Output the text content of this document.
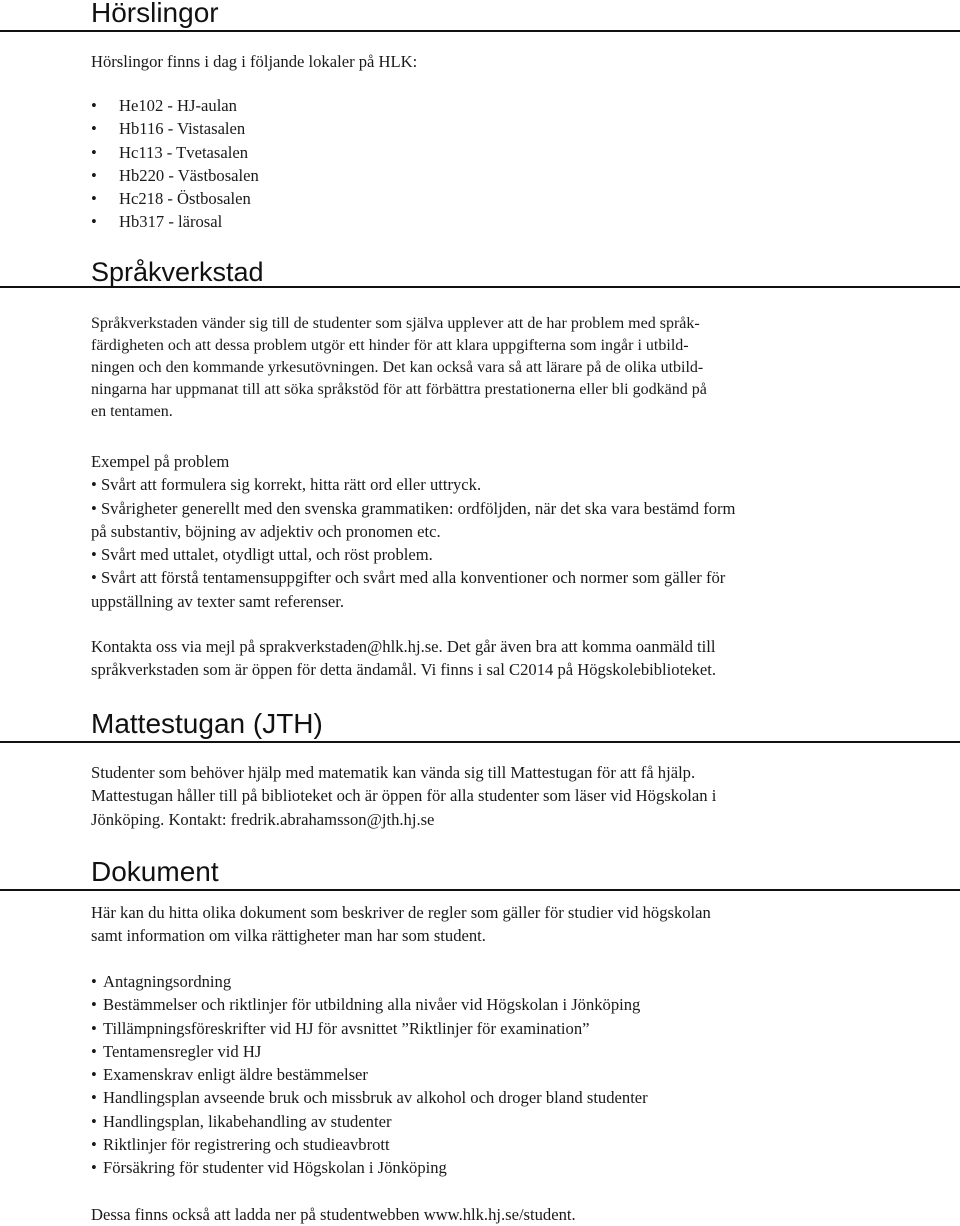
Hörslingor

Hörslingor finns i dag i följande lokaler på HLK:

• He102 - HJ-aulan
• Hb116 - Vistasalen
• Hc113 - Tvetasalen
• Hb220 - Västbosalen
• Hc218 - Östbosalen
• Hb317 - lärosal
Språkverkstad
Språkverkstaden vänder sig till de studenter som själva upplever att de har problem med språk-
färdigheten och att dessa problem utgör ett hinder för att klara uppgifterna som ingår i utbild-
ningen och den kommande yrkesutövningen. Det kan också vara så att lärare på de olika utbild-
ningarna har uppmanat till att söka språkstöd för att förbättra prestationerna eller bli godkänd på
en tentamen.
Exempel på problem
• Svårt att formulera sig korrekt, hitta rätt ord eller uttryck.
• Svårigheter generellt med den svenska grammatiken: ordföljden, när det ska vara bestämd form
på substantiv, böjning av adjektiv och pronomen etc.
• Svårt med uttalet, otydligt uttal, och röst problem.
• Svårt att förstå tentamensuppgifter och svårt med alla konventioner och normer som gäller för
uppställning av texter samt referenser.
Kontakta oss via mejl på sprakverkstaden@hlk.hj.se. Det går även bra att komma oanmäld till
språkverkstaden som är öppen för detta ändamål. Vi finns i sal C2014 på Högskolebiblioteket.
Mattestugan (JTH)
Studenter som behöver hjälp med matematik kan vända sig till Mattestugan för att få hjälp.
Mattestugan håller till på biblioteket och är öppen för alla studenter som läser vid Högskolan i
Jönköping. Kontakt: fredrik.abrahamsson@jth.hj.se
Dokument
Här kan du hitta olika dokument som beskriver de regler som gäller för studier vid högskolan
samt information om vilka rättigheter man har som student.
• Antagningsordning
• Bestämmelser och riktlinjer för utbildning alla nivåer vid Högskolan i Jönköping
• Tillämpningsföreskrifter vid HJ för avsnittet ”Riktlinjer för examination”
• Tentamensregler vid HJ
• Examenskrav enligt äldre bestämmelser
• Handlingsplan avseende bruk och missbruk av alkohol och droger bland studenter
• Handlingsplan, likabehandling av studenter
• Riktlinjer för registrering och studieavbrott
• Försäkring för studenter vid Högskolan i Jönköping

Dessa finns också att ladda ner på studentwebben www.hlk.hj.se/student.
